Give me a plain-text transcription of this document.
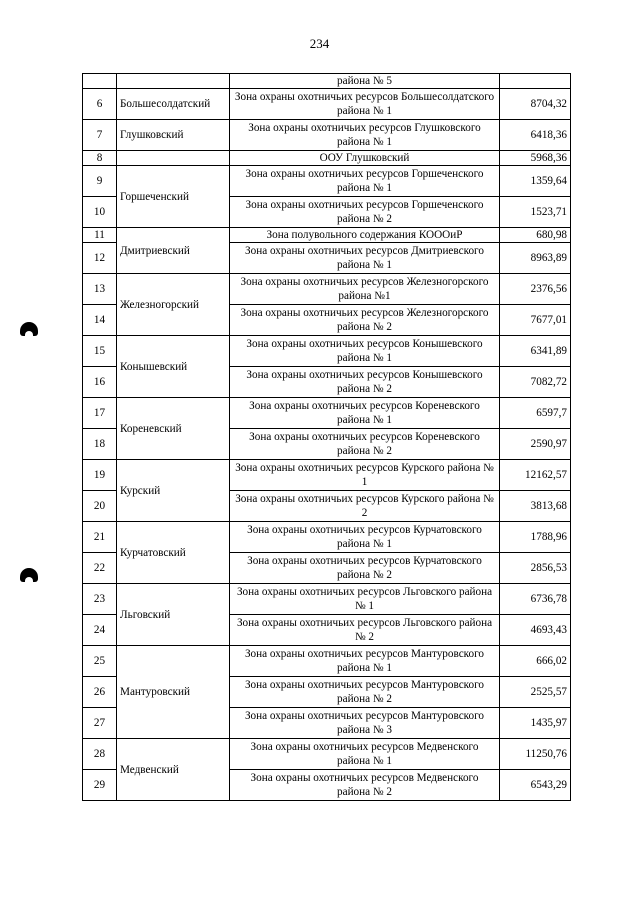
234
		района № 5	
6	Большесолдатский	Зона охраны охотничьих ресурсов Большесолдатского района № 1	8704,32
7	Глушковский	Зона охраны охотничьих ресурсов Глушковского района № 1	6418,36
8		ООУ Глушковский	5968,36
9	Горшеченский	Зона охраны охотничьих ресурсов Горшеченского района № 1	1359,64
10		Зона охраны охотничьих ресурсов Горшеченского района № 2	1523,71
11	Дмитриевский	Зона полувольного содержания КОООиР	680,98
12		Зона охраны охотничьих ресурсов Дмитриевского района № 1	8963,89
13	Железногорский	Зона охраны охотничьих ресурсов Железногорского района №1	2376,56
14		Зона охраны охотничьих ресурсов Железногорского района № 2	7677,01
15	Конышевский	Зона охраны охотничьих ресурсов Конышевского района № 1	6341,89
16		Зона охраны охотничьих ресурсов Конышевского района № 2	7082,72
17	Кореневский	Зона охраны охотничьих ресурсов Кореневского района № 1	6597,7
18		Зона охраны охотничьих ресурсов Кореневского района № 2	2590,97
19	Курский	Зона охраны охотничьих ресурсов Курского района № 1	12162,57
20		Зона охраны охотничьих ресурсов Курского района № 2	3813,68
21	Курчатовский	Зона охраны охотничьих ресурсов Курчатовского района № 1	1788,96
22		Зона охраны охотничьих ресурсов Курчатовского района № 2	2856,53
23	Льговский	Зона охраны охотничьих ресурсов Льговского района № 1	6736,78
24		Зона охраны охотничьих ресурсов Льговского района № 2	4693,43
25	Мантуровский	Зона охраны охотничьих ресурсов Мантуровского района № 1	666,02
26		Зона охраны охотничьих ресурсов Мантуровского района № 2	2525,57
27		Зона охраны охотничьих ресурсов Мантуровского района № 3	1435,97
28	Медвенский	Зона охраны охотничьих ресурсов Медвенского района № 1	11250,76
29		Зона охраны охотничьих ресурсов Медвенского района № 2	6543,29
